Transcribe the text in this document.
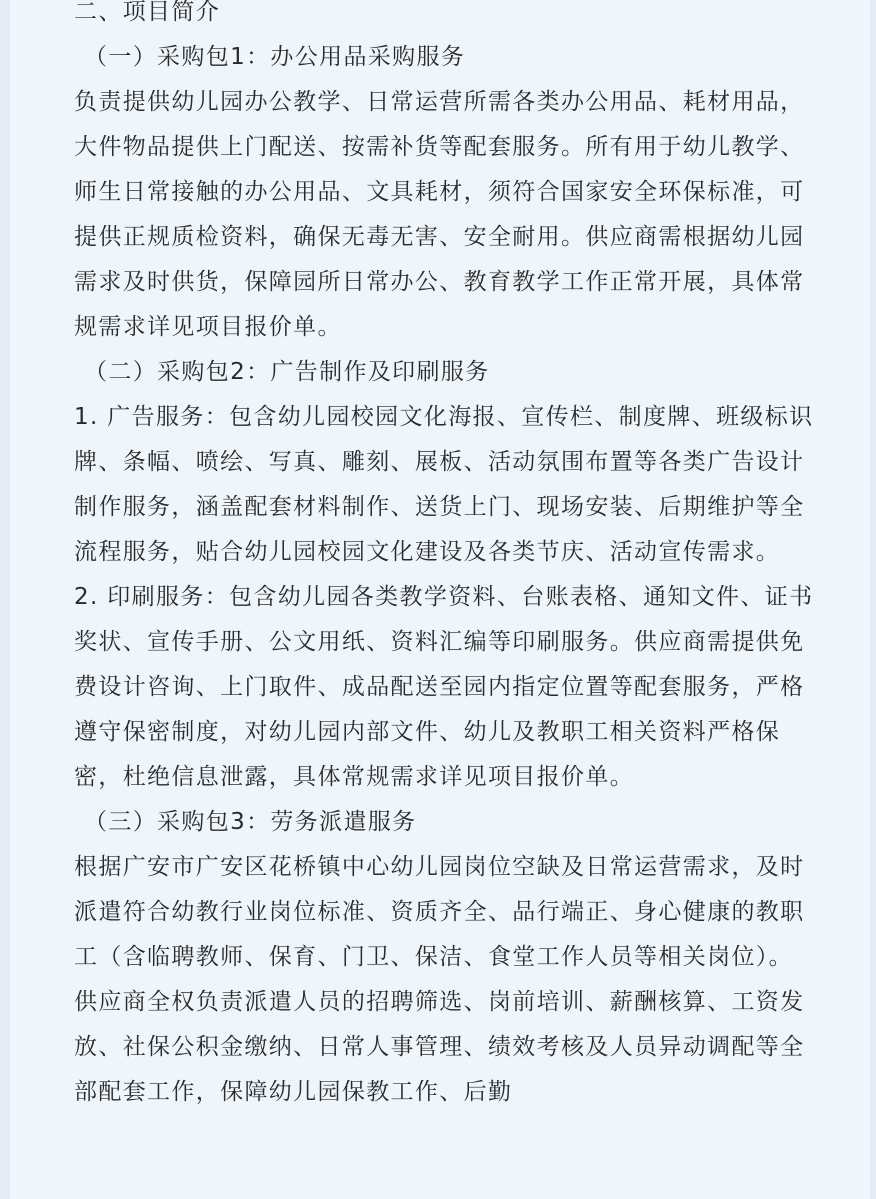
二、项目简介

（一）采购包1：办公用品采购服务

负责提供幼儿园办公教学、日常运营所需各类办公用品、耗材用品，大件物品提供上门配送、按需补货等配套服务。所有用于幼儿教学、师生日常接触的办公用品、文具耗材，须符合国家安全环保标准，可提供正规质检资料，确保无毒无害、安全耐用。供应商需根据幼儿园需求及时供货，保障园所日常办公、教育教学工作正常开展，具体常规需求详见项目报价单。

（二）采购包2：广告制作及印刷服务

1. 广告服务：包含幼儿园校园文化海报、宣传栏、制度牌、班级标识牌、条幅、喷绘、写真、雕刻、展板、活动氛围布置等各类广告设计制作服务，涵盖配套材料制作、送货上门、现场安装、后期维护等全流程服务，贴合幼儿园校园文化建设及各类节庆、活动宣传需求。

2. 印刷服务：包含幼儿园各类教学资料、台账表格、通知文件、证书奖状、宣传手册、公文用纸、资料汇编等印刷服务。供应商需提供免费设计咨询、上门取件、成品配送至园内指定位置等配套服务，严格遵守保密制度，对幼儿园内部文件、幼儿及教职工相关资料严格保密，杜绝信息泄露，具体常规需求详见项目报价单。

（三）采购包3：劳务派遣服务

根据广安市广安区花桥镇中心幼儿园岗位空缺及日常运营需求，及时派遣符合幼教行业岗位标准、资质齐全、品行端正、身心健康的教职工（含临聘教师、保育、门卫、保洁、食堂工作人员等相关岗位）。供应商全权负责派遣人员的招聘筛选、岗前培训、薪酬核算、工资发放、社保公积金缴纳、日常人事管理、绩效考核及人员异动调配等全部配套工作，保障幼儿园保教工作、后勤
